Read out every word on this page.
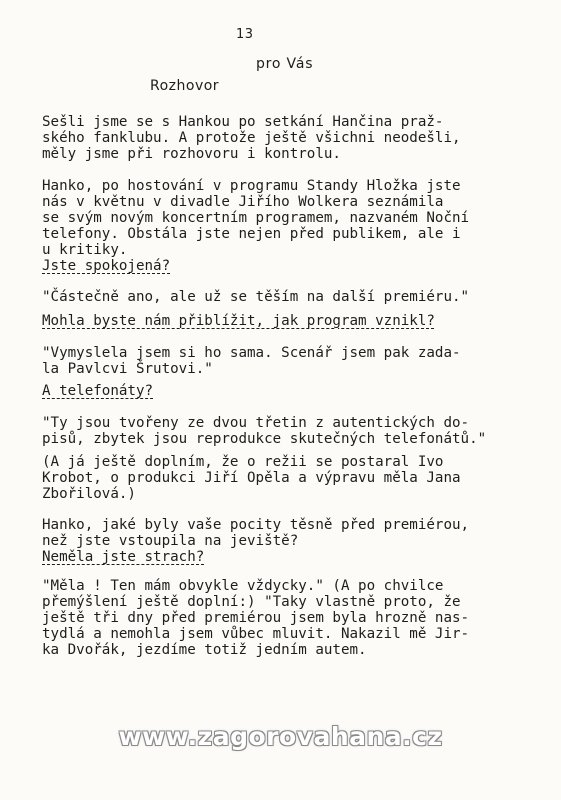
13
pro Vás
Rozhovor
Sešli jsme se s Hankou po setkání Hančina praž-
ského fanklubu. A protože ještě všichni neodešli,
měly jsme při rozhovoru i kontrolu.
Hanko, po hostování v programu Standy Hložka jste
nás v květnu v divadle Jiřího Wolkera seznámila
se svým novým koncertním programem, nazvaném Noční
telefony. Obstála jste nejen před publikem, ale i
u kritiky.
Jste spokojená?
"Částečně ano, ale už se těším na další premiéru."
Mohla byste nám přiblížit, jak program vznikl?
"Vymyslela jsem si ho sama. Scenář jsem pak zada-
la Pavlcvi Šrutovi."
A telefonáty?
"Ty jsou tvořeny ze dvou třetin z autentických do-
pisů, zbytek jsou reprodukce skutečných telefonátů."
(A já ještě doplním, že o režii se postaral Ivo
Krobot, o produkci Jiří Opěla a výpravu měla Jana
Zbořilová.)
Hanko, jaké byly vaše pocity těsně před premiérou,
než jste vstoupila na jeviště?
Neměla jste strach?
"Měla ! Ten mám obvykle vždycky." (A po chvilce
přemýšlení ještě doplní:) "Taky vlastně proto, že
ještě tři dny před premiérou jsem byla hrozně nas-
tydlá a nemohla jsem vůbec mluvit. Nakazil mě Jir-
ka Dvořák, jezdíme totiž jedním autem.
www.zagorovahana.cz
